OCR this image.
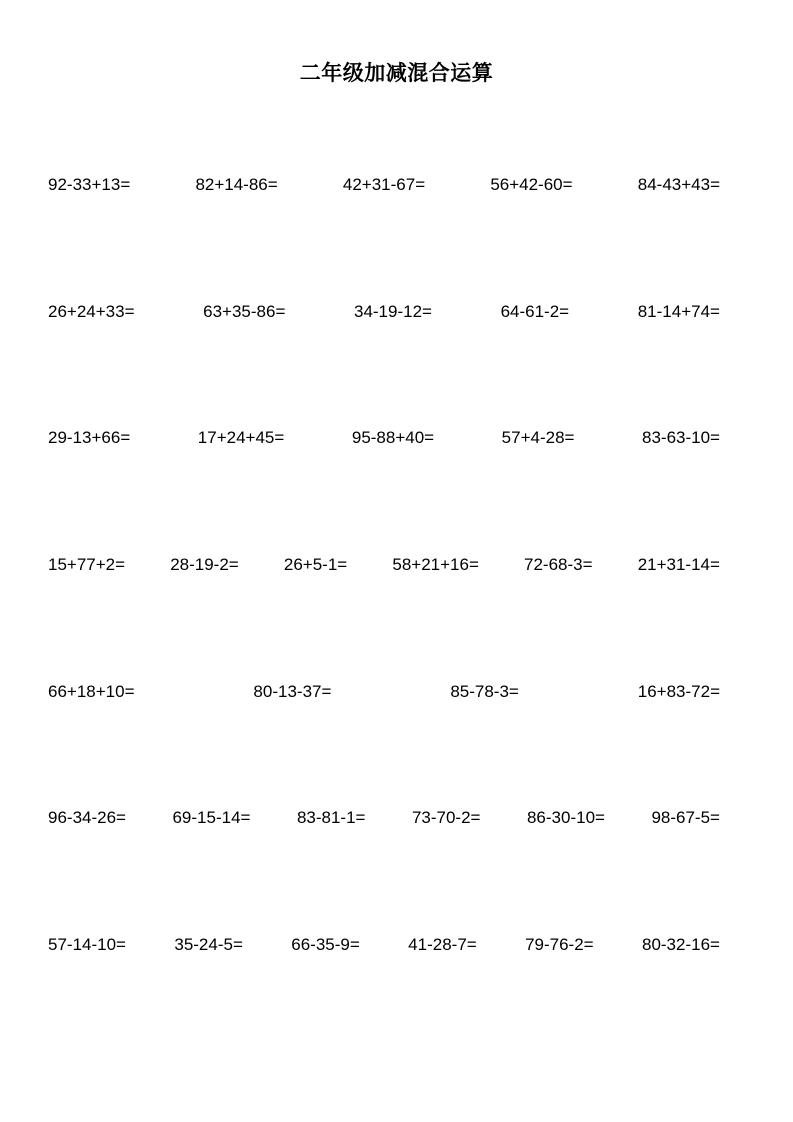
二年级加减混合运算
92-33+13=	82+14-86=	42+31-67=	56+42-60=	84-43+43=
26+24+33=	63+35-86=	34-19-12=	64-61-2=	81-14+74=
29-13+66=	17+24+45=	95-88+40=	57+4-28=	83-63-10=
15+77+2=	28-19-2=	26+5-1=	58+21+16=	72-68-3=	21+31-14=
66+18+10=	80-13-37=	85-78-3=	16+83-72=
96-34-26=	69-15-14=	83-81-1=	73-70-2=	86-30-10=	98-67-5=
57-14-10=	35-24-5=	66-35-9=	41-28-7=	79-76-2=	80-32-16=
